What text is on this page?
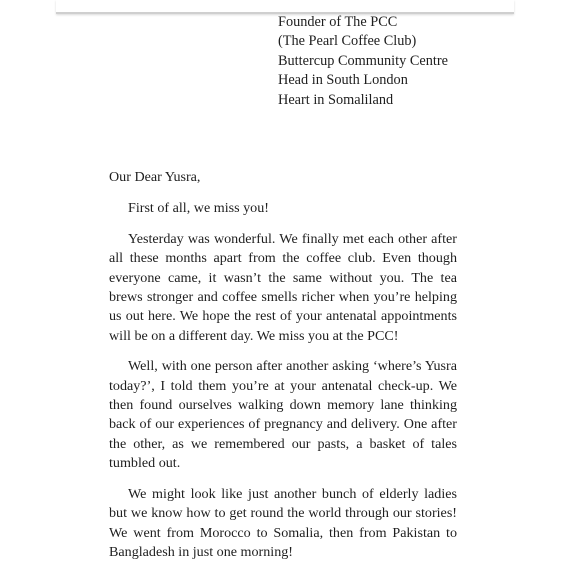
Founder of The PCC
(The Pearl Coffee Club)
Buttercup Community Centre
Head in South London
Heart in Somaliland

Our Dear Yusra,

First of all, we miss you!

Yesterday was wonderful. We finally met each other after all these months apart from the coffee club. Even though everyone came, it wasn’t the same without you. The tea brews stronger and coffee smells richer when you’re helping us out here. We hope the rest of your antenatal appointments will be on a different day. We miss you at the PCC!

Well, with one person after another asking ‘where’s Yusra today?’, I told them you’re at your antenatal check-up. We then found ourselves walking down memory lane thinking back of our experiences of pregnancy and delivery. One after the other, as we remembered our pasts, a basket of tales tumbled out.

We might look like just another bunch of elderly ladies but we know how to get round the world through our stories! We went from Morocco to Somalia, then from Pakistan to Bangladesh in just one morning!
